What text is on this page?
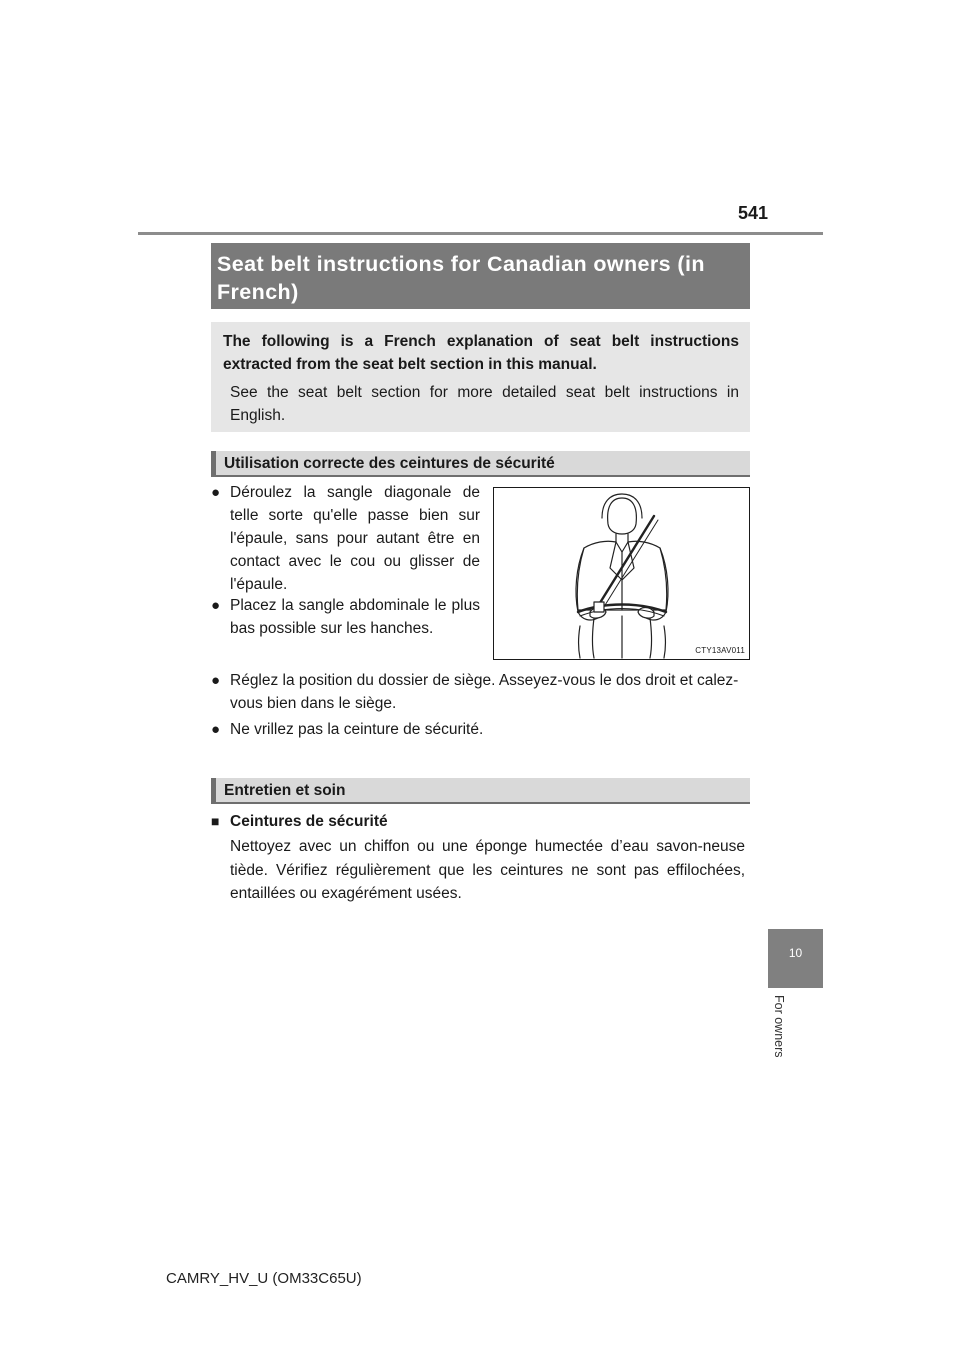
541
Seat belt instructions for Canadian owners (in French)
The following is a French explanation of seat belt instructions extracted from the seat belt section in this manual.
See the seat belt section for more detailed seat belt instructions in English.
Utilisation correcte des ceintures de sécurité
● Déroulez la sangle diagonale de telle sorte qu'elle passe bien sur l'épaule, sans pour autant être en contact avec le cou ou glisser de l'épaule.
● Placez la sangle abdominale le plus bas possible sur les hanches.
● Réglez la position du dossier de siège. Asseyez-vous le dos droit et calez-vous bien dans le siège.
● Ne vrillez pas la ceinture de sécurité.
CTY13AV011
Entretien et soin
■ Ceintures de sécurité
Nettoyez avec un chiffon ou une éponge humectée d’eau savon-neuse tiède. Vérifiez régulièrement que les ceintures ne sont pas effilochées, entaillées ou exagérément usées.
10
For owners
CAMRY_HV_U (OM33C65U)
